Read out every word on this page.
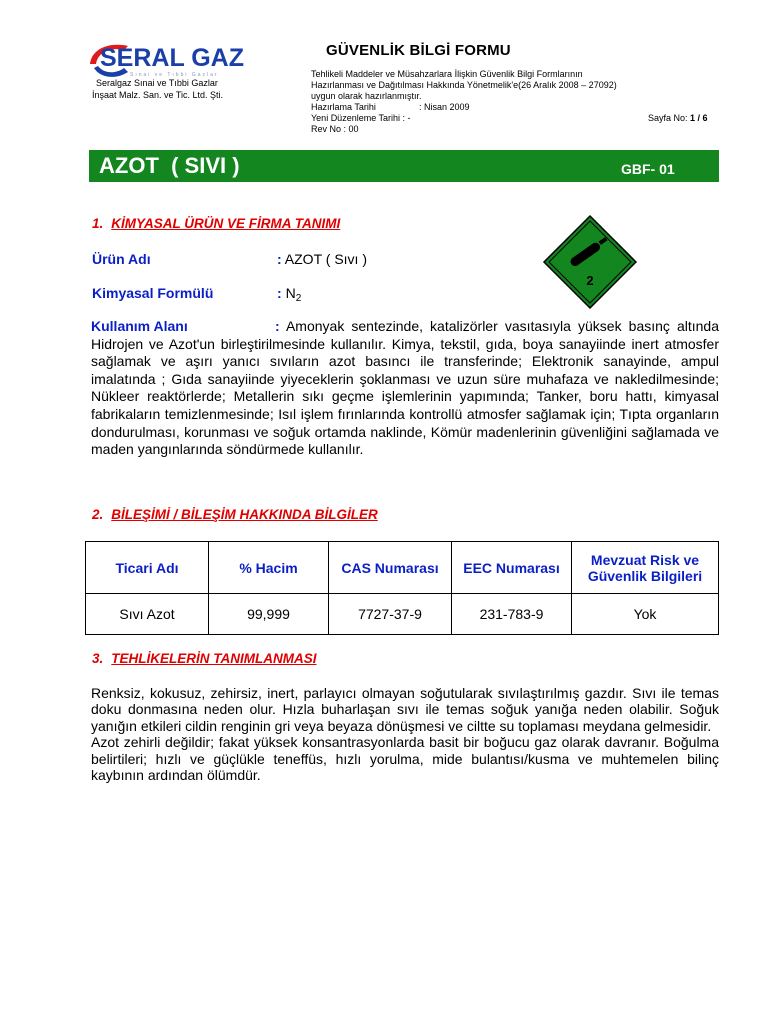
SERAL GAZ
Sınai ve Tıbbi Gazlar
Seralgaz Sınai ve Tıbbi Gazlar
İnşaat Malz. San. ve Tic. Ltd. Şti.
GÜVENLİK BİLGİ FORMU
Tehlikeli Maddeler ve Müsahzarlara İlişkin Güvenlik Bilgi Formlarının
Hazırlanması ve Dağıtılması Hakkında Yönetmelik'e(26 Aralık 2008 – 27092)
uygun olarak hazırlanmıştır.
Hazırlama Tarihi	: Nisan 2009
Yeni Düzenleme Tarihi : -
Rev No : 00
Sayfa No: 1 / 6
AZOT  ( SIVI )	GBF- 01
1. KİMYASAL ÜRÜN VE FİRMA TANIMI
Ürün Adı	: AZOT ( Sıvı )
Kimyasal Formülü	: $N_2$
2
Kullanım Alanı	: Amonyak sentezinde, katalizörler vasıtasıyla yüksek basınç altında Hidrojen ve Azot'un birleştirilmesinde kullanılır. Kimya, tekstil, gıda, boya sanayiinde inert atmosfer sağlamak ve aşırı yanıcı sıvıların azot basıncı ile transferinde; Elektronik sanayinde, ampul imalatında ; Gıda sanayiinde yiyeceklerin şoklanması ve uzun süre muhafaza ve nakledilmesinde; Nükleer reaktörlerde; Metallerin sıkı geçme işlemlerinin yapımında; Tanker, boru hattı, kimyasal fabrikaların temizlenmesinde; Isıl işlem fırınlarında kontrollü atmosfer sağlamak için; Tıpta organların dondurulması, korunması ve soğuk ortamda naklinde, Kömür madenlerinin güvenliğini sağlamada ve maden yangınlarında söndürmede kullanılır.
2. BİLEŞİMİ / BİLEŞİM HAKKINDA BİLGİLER
Ticari Adı	% Hacim	CAS Numarası	EEC Numarası	Mevzuat Risk ve Güvenlik Bilgileri
Sıvı Azot	99,999	7727-37-9	231-783-9	Yok
3. TEHLİKELERİN TANIMLANMASI

Renksiz, kokusuz, zehirsiz, inert, parlayıcı olmayan soğutularak sıvılaştırılmış gazdır. Sıvı ile temas doku donmasına neden olur. Hızla buharlaşan sıvı ile temas soğuk yanığa neden olabilir. Soğuk yanığın etkileri cildin renginin gri veya beyaza dönüşmesi ve ciltte su toplaması meydana gelmesidir.

Azot zehirli değildir; fakat yüksek konsantrasyonlarda basit bir boğucu gaz olarak davranır. Boğulma belirtileri; hızlı ve güçlükle teneffüs, hızlı yorulma, mide bulantısı/kusma ve muhtemelen bilinç kaybının ardından ölümdür.
